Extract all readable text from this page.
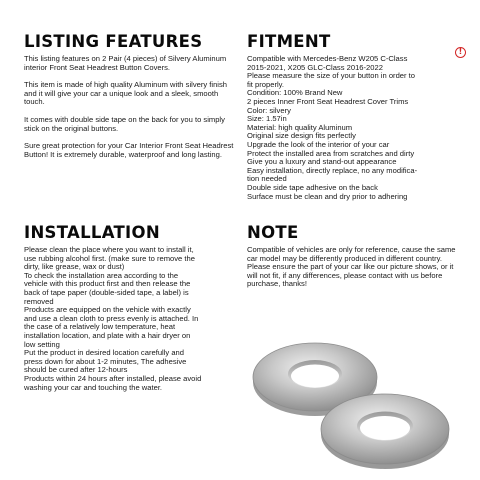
LISTING FEATURES

This listing features on 2 Pair (4 pieces) of Silvery Aluminum interior Front Seat Headrest Button Covers.

This item is made of high quality Aluminum with silvery finish and it will give your car a unique look and a sleek, smooth touch.

It comes with double side tape on the back for you to simply stick on the original buttons.

Sure great protection for your Car Interior Front Seat Headrest Button! It is extremely durable, waterproof and long lasting.

FITMENT
Compatible with Mercedes-Benz W205 C-Class
2015-2021, X205 GLC-Class 2016-2022
Please measure the size of your button in order to
fit properly.
Condition: 100% Brand New
2 pieces Inner Front Seat Headrest Cover Trims
Color: silvery
Size: 1.57in
Material: high quality Aluminum
Original size design fits perfectly
Upgrade the look of the interior of your car
Protect the installed area from scratches and dirty
Give you a luxury and stand-out appearance
Easy installation, directly replace, no any modifica-
tion needed
Double side tape adhesive on the back
Surface must be clean and dry prior to adhering
!
INSTALLATION
Please clean the place where you want to install it,
use rubbing alcohol first. (make sure to remove the
dirty, like grease, wax or dust)
To check the installation area according to the
vehicle with this product first and then release the
back of tape paper (double-sided tape, a label) is
removed
Products are equipped on the vehicle with exactly
and use a clean cloth to press evenly is attached. In
the case of a relatively low temperature, heat
installation location, and plate with a hair dryer on
low setting
Put the product in desired location carefully and
press down for about 1-2 minutes, The adhesive
should be cured after 12-hours
Products within 24 hours after installed, please avoid
washing your car and touching the water.
NOTE

Compatible of vehicles are only for reference, cause the same car model may be differently produced in different country. Please ensure the part of your car like our picture shows, or it will not fit, if any differences, please contact with us before purchase, thanks!
